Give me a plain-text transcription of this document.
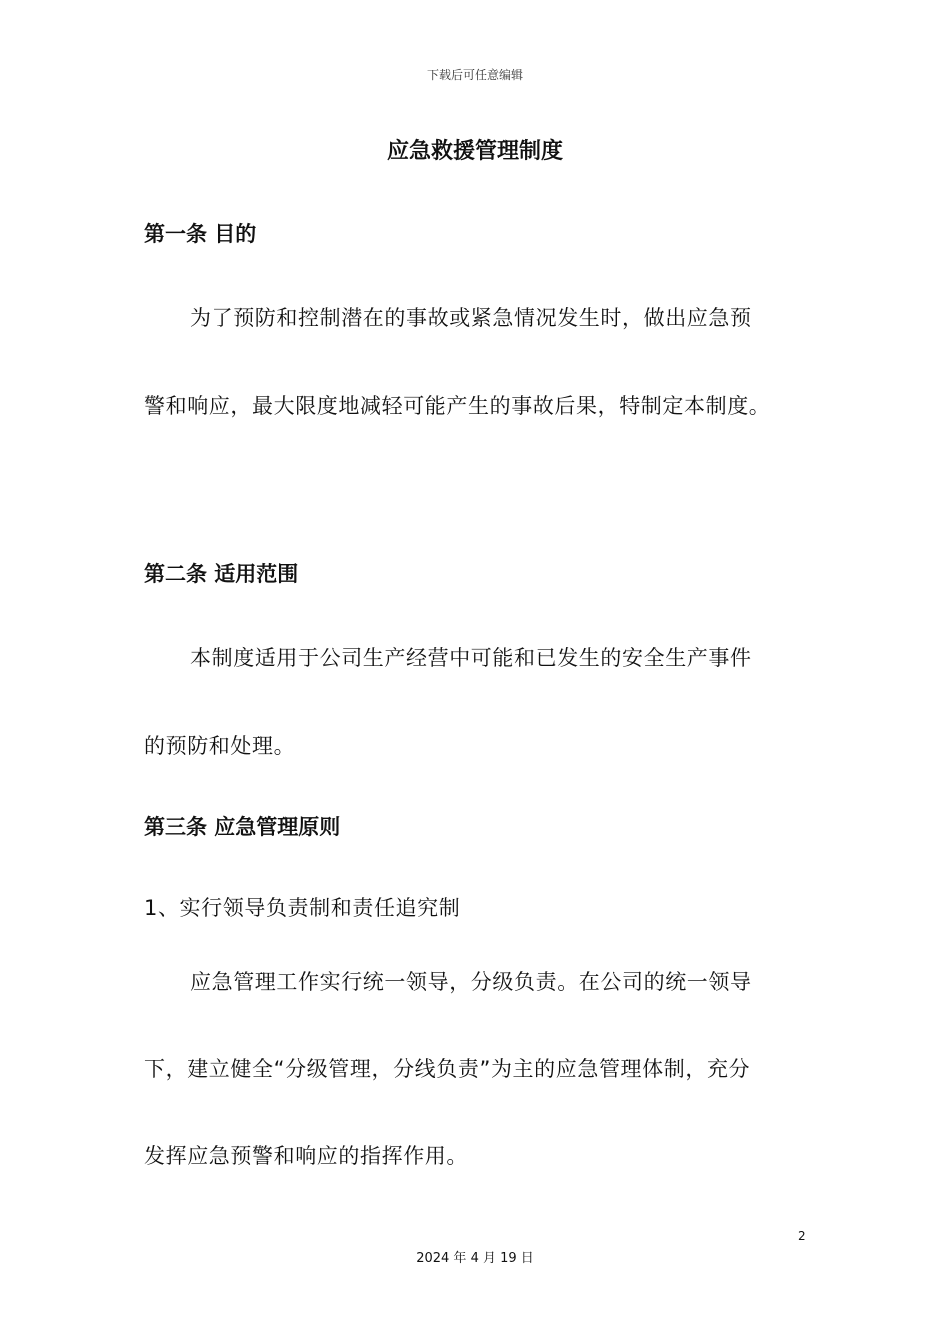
下载后可任意编辑
应急救援管理制度
第一条 目的
为了预防和控制潜在的事故或紧急情况发生时，做出应急预
警和响应，最大限度地减轻可能产生的事故后果，特制定本制度。
第二条 适用范围
本制度适用于公司生产经营中可能和已发生的安全生产事件
的预防和处理。
第三条 应急管理原则
1、实行领导负责制和责任追究制
应急管理工作实行统一领导，分级负责。在公司的统一领导
下，建立健全“分级管理，分线负责”为主的应急管理体制，充分
发挥应急预警和响应的指挥作用。
2
2024 年 4 月 19 日
